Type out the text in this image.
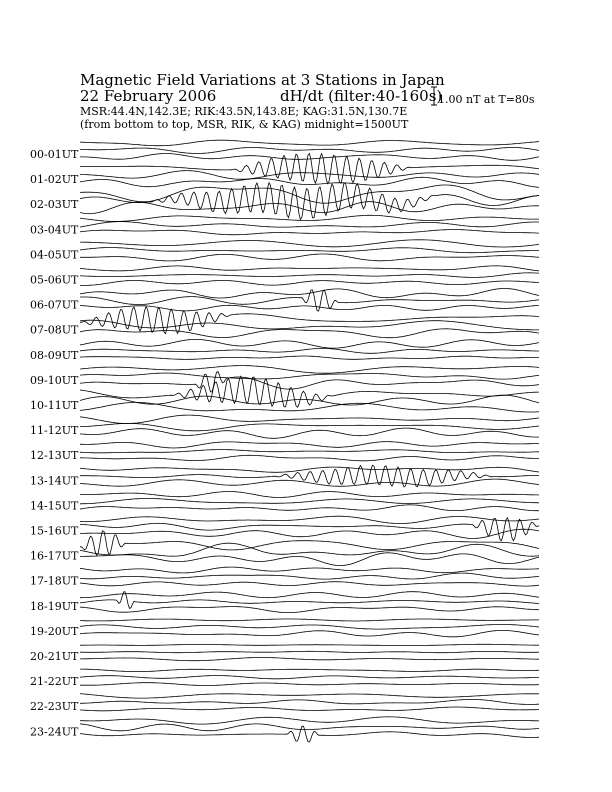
Magnetic Field Variations at 3 Stations in Japan
22 February 2006	dH/dt (filter:40-160s)
MSR:44.4N,142.3E; RIK:43.5N,143.8E; KAG:31.5N,130.7E
(from bottom to top, MSR, RIK, & KAG) midnight=1500UT
1.00 nT at T=80s
00-01UT
01-02UT
02-03UT
03-04UT
04-05UT
05-06UT
06-07UT
07-08UT
08-09UT
09-10UT
10-11UT
11-12UT
12-13UT
13-14UT
14-15UT
15-16UT
16-17UT
17-18UT
18-19UT
19-20UT
20-21UT
21-22UT
22-23UT
23-24UT
